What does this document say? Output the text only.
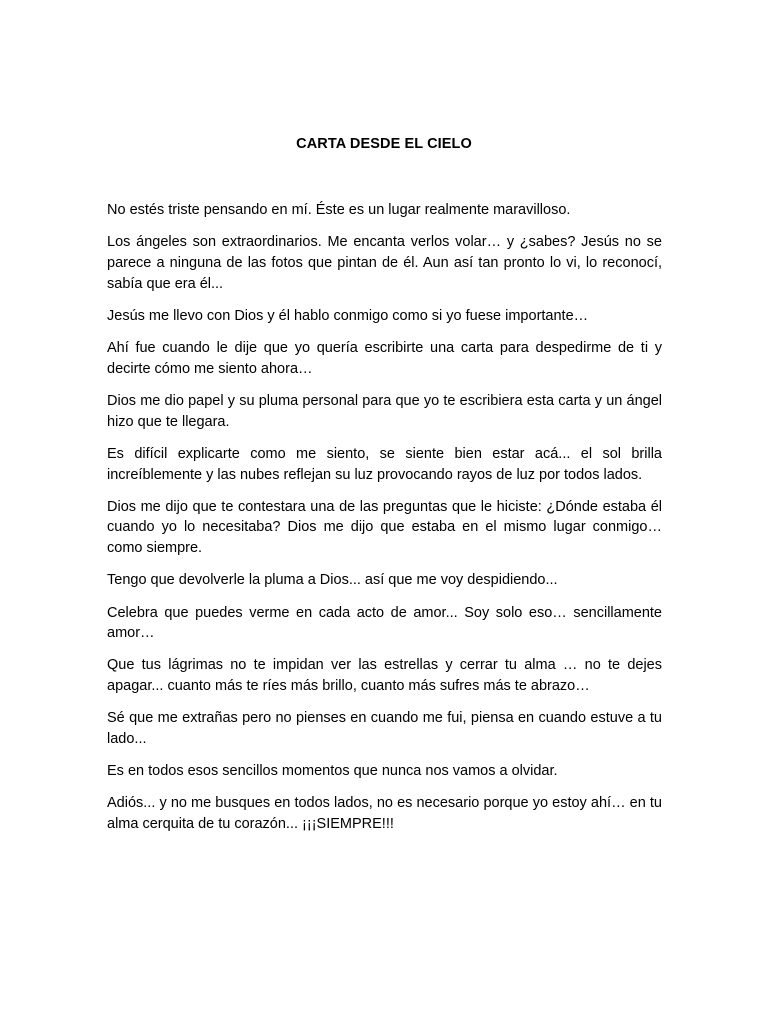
CARTA DESDE EL CIELO

No estés triste pensando en mí. Éste es un lugar realmente maravilloso.

Los ángeles son extraordinarios. Me encanta verlos volar… y ¿sabes? Jesús no se parece a ninguna de las fotos que pintan de él. Aun así tan pronto lo vi, lo reconocí, sabía que era él...

Jesús me llevo con Dios y él hablo conmigo como si yo fuese importante…

Ahí fue cuando le dije que yo quería escribirte una carta para despedirme de ti y decirte cómo me siento ahora…

Dios me dio papel y su pluma personal para que yo te escribiera esta carta y un ángel hizo que te llegara.

Es difícil explicarte como me siento, se siente bien estar acá... el sol brilla increíblemente y las nubes reflejan su luz provocando rayos de luz por todos lados.

Dios me dijo que te contestara una de las preguntas que le hiciste: ¿Dónde estaba él cuando yo lo necesitaba? Dios me dijo que estaba en el mismo lugar conmigo… como siempre.

Tengo que devolverle la pluma a Dios... así que me voy despidiendo...

Celebra que puedes verme en cada acto de amor... Soy solo eso… sencillamente amor…

Que tus lágrimas no te impidan ver las estrellas y cerrar tu alma … no te dejes apagar... cuanto más te ríes más brillo, cuanto más sufres más te abrazo…

Sé que me extrañas pero no pienses en cuando me fui, piensa en cuando estuve a tu lado...

Es en todos esos sencillos momentos que nunca nos vamos a olvidar.

Adiós... y no me busques en todos lados, no es necesario porque yo estoy ahí… en tu alma cerquita de tu corazón... ¡¡¡SIEMPRE!!!
